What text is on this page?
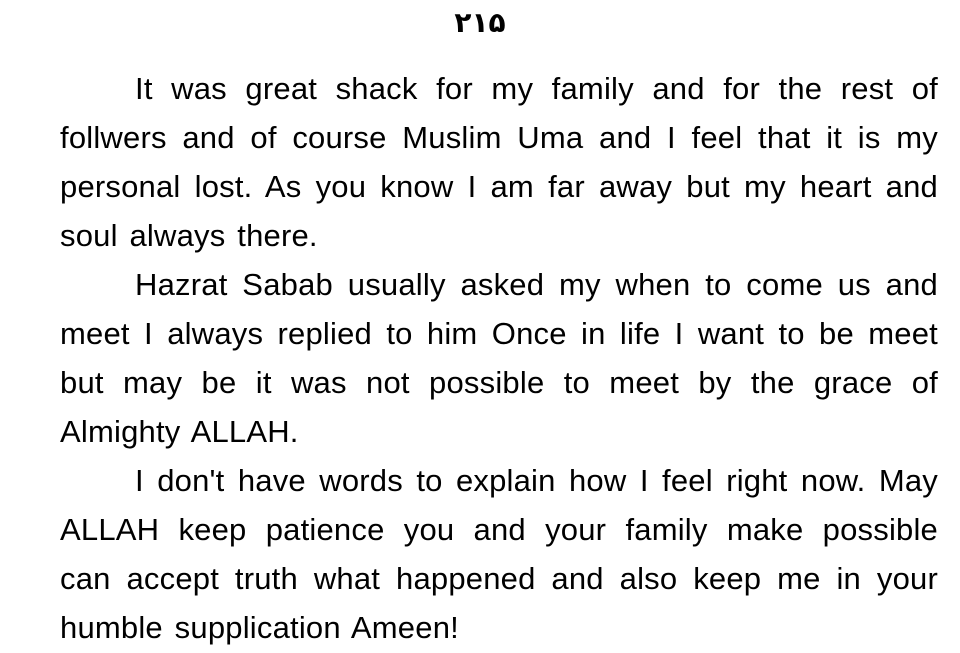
۲۱۵

It was great shack for my family and for the rest of follwers and of course Muslim Uma and I feel that it is my personal lost. As you know I am far away but my heart and soul always there.

Hazrat Sabab usually asked my when to come us and meet I always replied to him Once in life I want to be meet but may be it was not possible to meet by the grace of Almighty ALLAH.

I don't have words to explain how I feel right now. May ALLAH keep patience you and your family make possible can accept truth what happened and also keep me in your humble supplication Ameen!
